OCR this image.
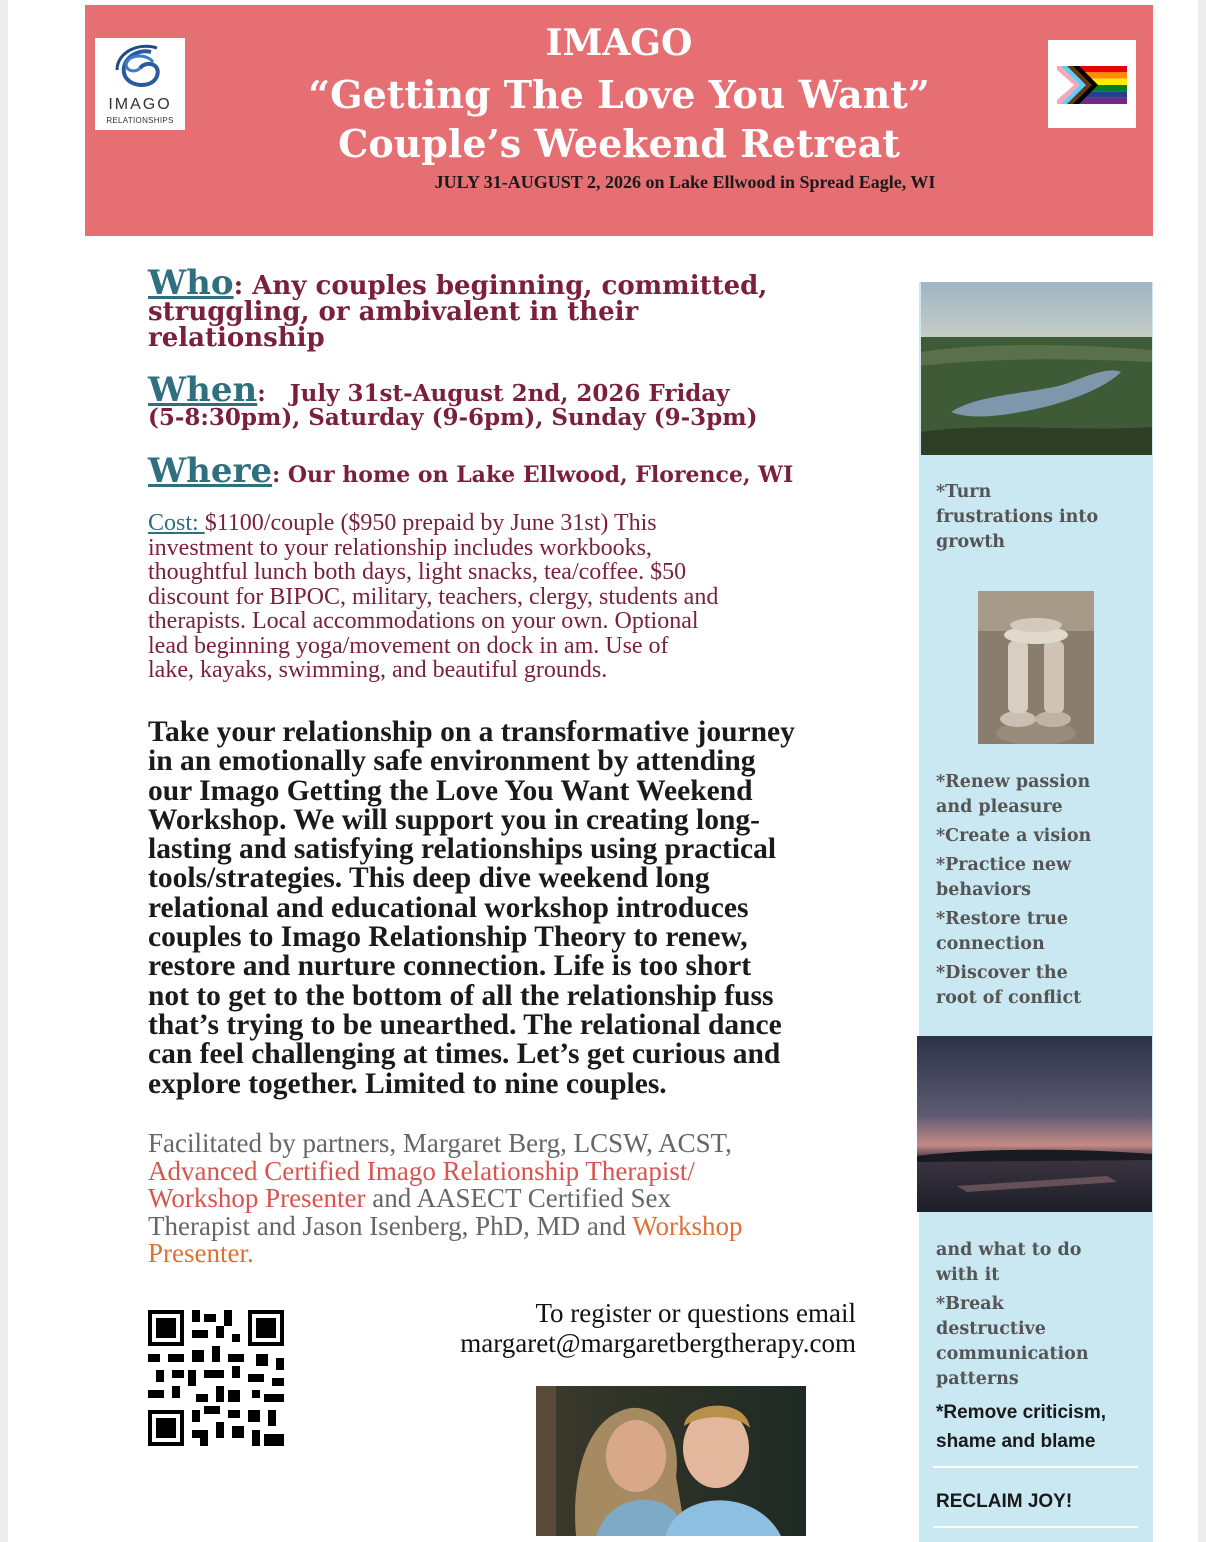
IMAGO
RELATIONSHIPS
IMAGO
“Getting The Love You Want”
Couple’s Weekend Retreat
JULY 31-AUGUST 2, 2026 on Lake Ellwood in Spread Eagle, WI
Who: Any couples beginning, committed,
struggling, or ambivalent in their
relationship
When:   July 31st-August 2nd, 2026 Friday
(5-8:30pm), Saturday (9-6pm), Sunday (9-3pm)
Where: Our home on Lake Ellwood, Florence, WI
Cost: $1100/couple ($950 prepaid by June 31st) This
investment to your relationship includes workbooks,
thoughtful lunch both days, light snacks, tea/coffee. $50
discount for BIPOC, military, teachers, clergy, students and
therapists. Local accommodations on your own. Optional
lead beginning yoga/movement on dock in am. Use of
lake, kayaks, swimming, and beautiful grounds.
Take your relationship on a transformative journey
in an emotionally safe environment by attending
our Imago Getting the Love You Want Weekend
Workshop. We will support you in creating long-
lasting and satisfying relationships using practical
tools/strategies. This deep dive weekend long
relational and educational workshop introduces
couples to Imago Relationship Theory to renew,
restore and nurture connection. Life is too short
not to get to the bottom of all the relationship fuss
that’s trying to be unearthed. The relational dance
can feel challenging at times. Let’s get curious and
explore together. Limited to nine couples.
Facilitated by partners, Margaret Berg, LCSW, ACST,
Advanced Certified Imago Relationship Therapist/
Workshop Presenter and AASECT Certified Sex
Therapist and Jason Isenberg, PhD, MD and Workshop
Presenter.
To register or questions email
margaret@margaretbergtherapy.com
*Turn
frustrations into
growth
*Renew passion
and pleasure
*Create a vision
*Practice new
behaviors
*Restore true
connection
*Discover the
root of conflict
and what to do
with it
*Break
destructive
communication
patterns
*Remove criticism,
shame and blame
RECLAIM JOY!
